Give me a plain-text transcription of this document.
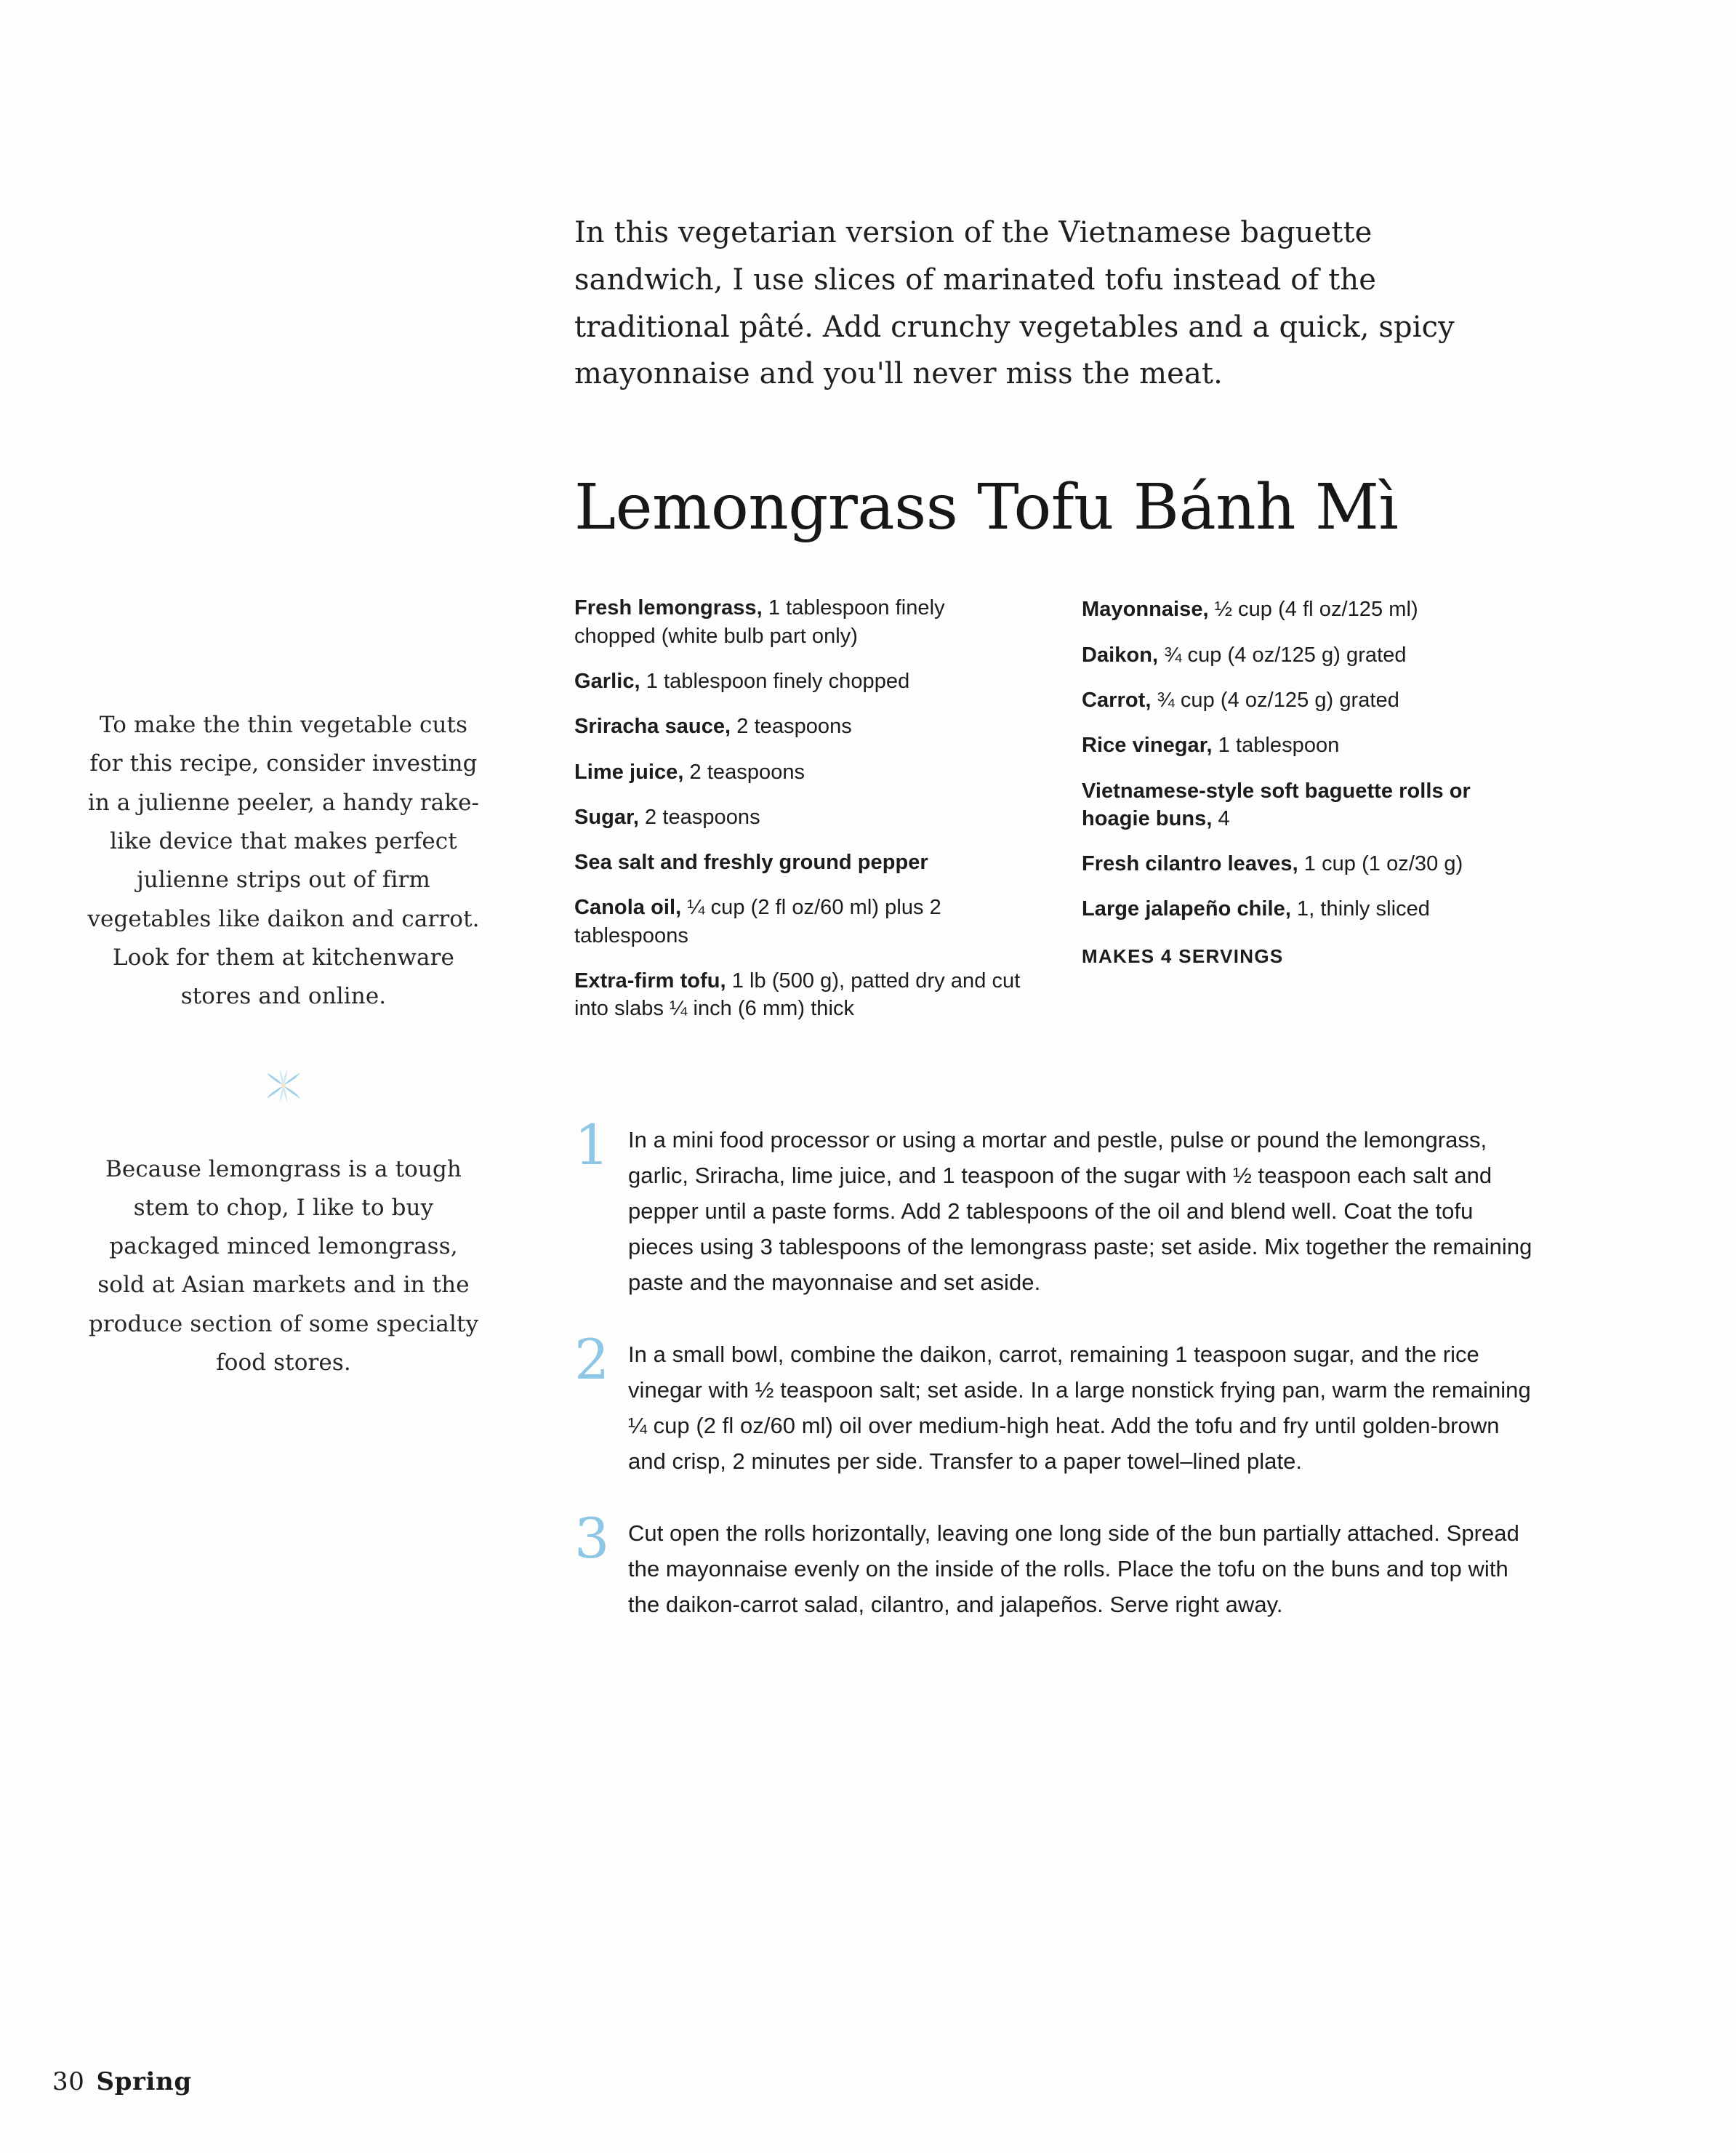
To make the thin vegetable cuts for this recipe, consider investing in a julienne peeler, a handy rake-like device that makes perfect julienne strips out of firm vegetables like daikon and carrot. Look for them at kitchenware stores and online.

Because lemongrass is a tough stem to chop, I like to buy packaged minced lemongrass, sold at Asian markets and in the produce section of some specialty food stores.

In this vegetarian version of the Vietnamese baguette sandwich, I use slices of marinated tofu instead of the traditional pâté. Add crunchy vegetables and a quick, spicy mayonnaise and you'll never miss the meat.

Lemongrass Tofu Bánh Mì
Fresh lemongrass, 1 tablespoon finely chopped (white bulb part only)
Garlic, 1 tablespoon finely chopped
Sriracha sauce, 2 teaspoons
Lime juice, 2 teaspoons
Sugar, 2 teaspoons
Sea salt and freshly ground pepper
Canola oil, ¼ cup (2 fl oz/60 ml) plus 2 tablespoons
Extra-firm tofu, 1 lb (500 g), patted dry and cut into slabs ¼ inch (6 mm) thick
Mayonnaise, ½ cup (4 fl oz/125 ml)
Daikon, ¾ cup (4 oz/125 g) grated
Carrot, ¾ cup (4 oz/125 g) grated
Rice vinegar, 1 tablespoon
Vietnamese-style soft baguette rolls or hoagie buns, 4
Fresh cilantro leaves, 1 cup (1 oz/30 g)
Large jalapeño chile, 1, thinly sliced
MAKES 4 SERVINGS
1 In a mini food processor or using a mortar and pestle, pulse or pound the lemongrass, garlic, Sriracha, lime juice, and 1 teaspoon of the sugar with ½ teaspoon each salt and pepper until a paste forms. Add 2 tablespoons of the oil and blend well. Coat the tofu pieces using 3 tablespoons of the lemongrass paste; set aside. Mix together the remaining paste and the mayonnaise and set aside.
2 In a small bowl, combine the daikon, carrot, remaining 1 teaspoon sugar, and the rice vinegar with ½ teaspoon salt; set aside. In a large nonstick frying pan, warm the remaining ¼ cup (2 fl oz/60 ml) oil over medium-high heat. Add the tofu and fry until golden-brown and crisp, 2 minutes per side. Transfer to a paper towel–lined plate.
3 Cut open the rolls horizontally, leaving one long side of the bun partially attached. Spread the mayonnaise evenly on the inside of the rolls. Place the tofu on the buns and top with the daikon-carrot salad, cilantro, and jalapeños. Serve right away.
30 Spring
